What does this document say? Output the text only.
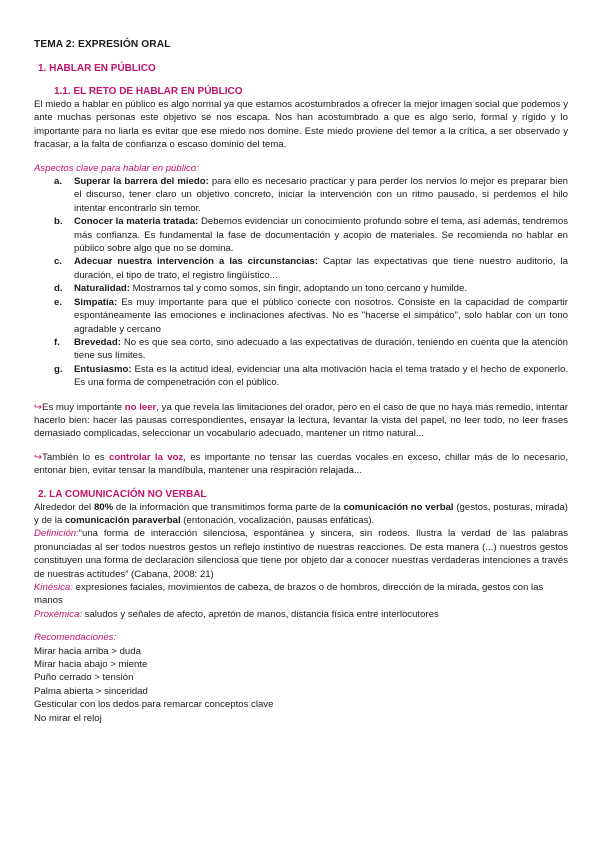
TEMA 2: EXPRESIÓN ORAL
1. HABLAR EN PÚBLICO
1.1. EL RETO DE HABLAR EN PÚBLICO

El miedo a hablar en público es algo normal ya que estamos acostumbrados a ofrecer la mejor imagen social que podemos y ante muchas personas este objetivo se nos escapa. Nos han acostumbrado a que es algo serio, formal y rígido y lo importante para no liarla es evitar que ese miedo nos domine. Este miedo proviene del temor a la crítica, a ser observado y fracasar, a la falta de confianza o escaso dominio del tema.

Aspectos clave para hablar en público:
a. Superar la barrera del miedo: para ello es necesario practicar y para perder los nervios lo mejor es preparar bien el discurso, tener claro un objetivo concreto, iniciar la intervención con un ritmo pausado, si perdemos el hilo intentar encontrarlo sin temor.
b. Conocer la materia tratada: Debemos evidenciar un conocimiento profundo sobre el tema, así además, tendremos más confianza. Es fundamental la fase de documentación y acopio de materiales. Se recomienda no hablar en público sobre algo que no se domina.
c. Adecuar nuestra intervención a las circunstancias: Captar las expectativas que tiene nuestro auditorio, la duración, el tipo de trato, el registro lingüístico...
d. Naturalidad: Mostrarnos tal y como somos, sin fingir, adoptando un tono cercano y humilde.
e. Simpatía: Es muy importante para que el público conecte con nosotros. Consiste en la capacidad de compartir espontáneamente las emociones e inclinaciones afectivas. No es "hacerse el simpático", solo hablar con un tono agradable y cercano
f. Brevedad: No es que sea corto, sino adecuado a las expectativas de duración, teniendo en cuenta que la atención tiene sus límites.
g. Entusiasmo: Esta es la actitud ideal, evidenciar una alta motivación hacia el tema tratado y el hecho de exponerlo. Es una forma de compenetración con el público.

↪Es muy importante no leer, ya que revela las limitaciones del orador, pero en el caso de que no haya más remedio, intentar hacerlo bien: hacer las pausas correspondientes, ensayar la lectura, levantar la vista del papel, no leer todo, no leer frases demasiado complicadas, seleccionar un vocabulario adecuado, mantener un ritmo natural...

↪También lo es controlar la voz, es importante no tensar las cuerdas vocales en exceso, chillar más de lo necesario, entonar bien, evitar tensar la mandíbula, mantener una respiración relajada...

2. LA COMUNICACIÓN NO VERBAL

Alrededor del 80% de la información que transmitimos forma parte de la comunicación no verbal (gestos, posturas, mirada) y de la comunicación paraverbal (entonación, vocalización, pausas enfáticas).

Definición:“una forma de interacción silenciosa, espontánea y sincera, sin rodeos. Ilustra la verdad de las palabras pronunciadas al ser todos nuestros gestos un reflejo instintivo de nuestras reacciones. De esta manera (...) nuestros gestos constituyen una forma de declaración silenciosa que tiene por objeto dar a conocer nuestras verdaderas intenciones a través de nuestras actitudes” (Cabana, 2008: 21)

Kinésica: expresiones faciales, movimientos de cabeza, de brazos o de hombros, dirección de la mirada, gestos con las manos

Proxémica: saludos y señales de afecto, apretón de manos, distancia física entre interlocutores

Recomendaciones:
Mirar hacia arriba > duda
Mirar hacia abajo > miente
Puño cerrado > tensión
Palma abierta > sinceridad
Gesticular con los dedos para remarcar conceptos clave
No mirar el reloj
